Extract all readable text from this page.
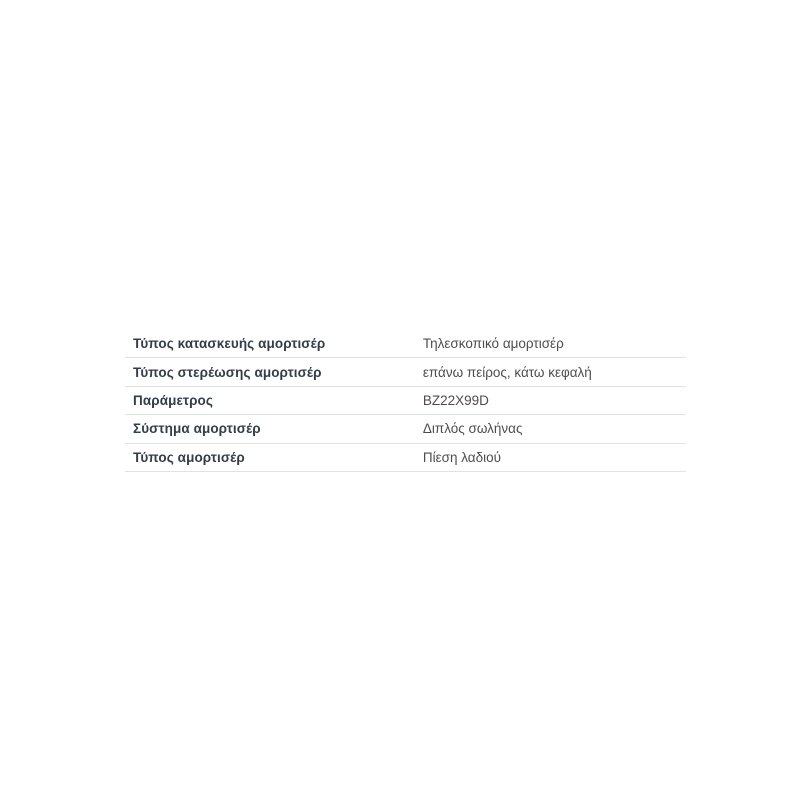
Τύπος κατασκευής αμορτισέρ	Τηλεσκοπικό αμορτισέρ
Τύπος στερέωσης αμορτισέρ	επάνω πείρος, κάτω κεφαλή
Παράμετρος	BZ22X99D
Σύστημα αμορτισέρ	Διπλός σωλήνας
Τύπος αμορτισέρ	Πίεση λαδιού
